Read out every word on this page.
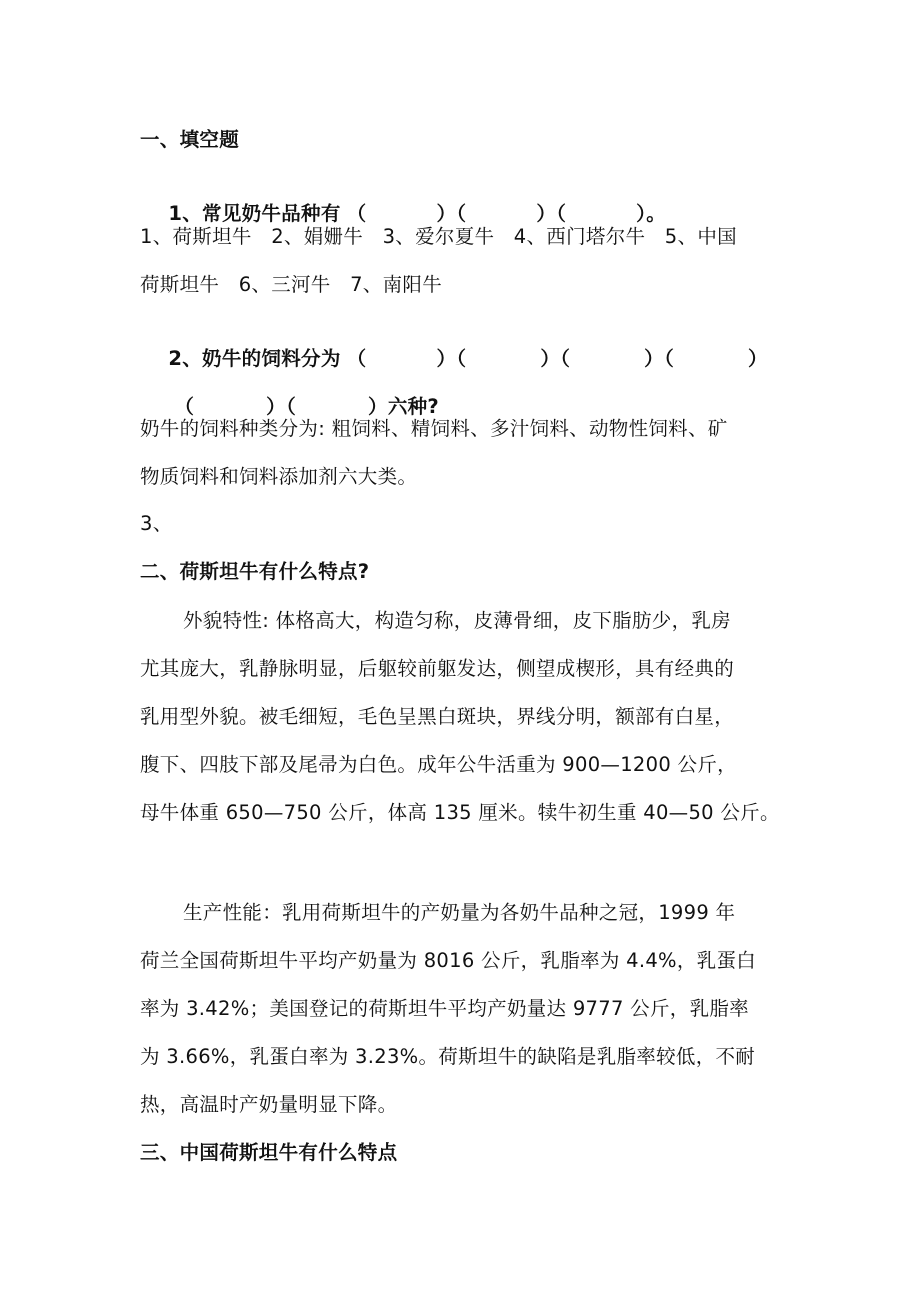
一、填空题

1、常见奶牛品种有 （	）（	）（	）。

1、荷斯坦牛   2、娟姗牛   3、爱尔夏牛   4、西门塔尔牛   5、中国
荷斯坦牛   6、三河牛   7、南阳牛

2、奶牛的饲料分为 （	）（	）（	）（	）

（	）（	）六种?

奶牛的饲料种类分为: 粗饲料、精饲料、多汁饲料、动物性饲料、矿
物质饲料和饲料添加剂六大类。
3、
二、荷斯坦牛有什么特点?
外貌特性: 体格高大，构造匀称，皮薄骨细，皮下脂肪少，乳房
尤其庞大，乳静脉明显，后躯较前躯发达，侧望成楔形，具有经典的
乳用型外貌。被毛细短，毛色呈黑白斑块，界线分明，额部有白星，
腹下、四肢下部及尾帚为白色。成年公牛活重为 900—1200 公斤，
母牛体重 650—750 公斤，体高 135 厘米。犊牛初生重 40—50 公斤。
生产性能：乳用荷斯坦牛的产奶量为各奶牛品种之冠，1999 年
荷兰全国荷斯坦牛平均产奶量为 8016 公斤，乳脂率为 4.4%，乳蛋白
率为 3.42%；美国登记的荷斯坦牛平均产奶量达 9777 公斤，乳脂率
为 3.66%，乳蛋白率为 3.23%。荷斯坦牛的缺陷是乳脂率较低，不耐
热，高温时产奶量明显下降。
三、中国荷斯坦牛有什么特点
